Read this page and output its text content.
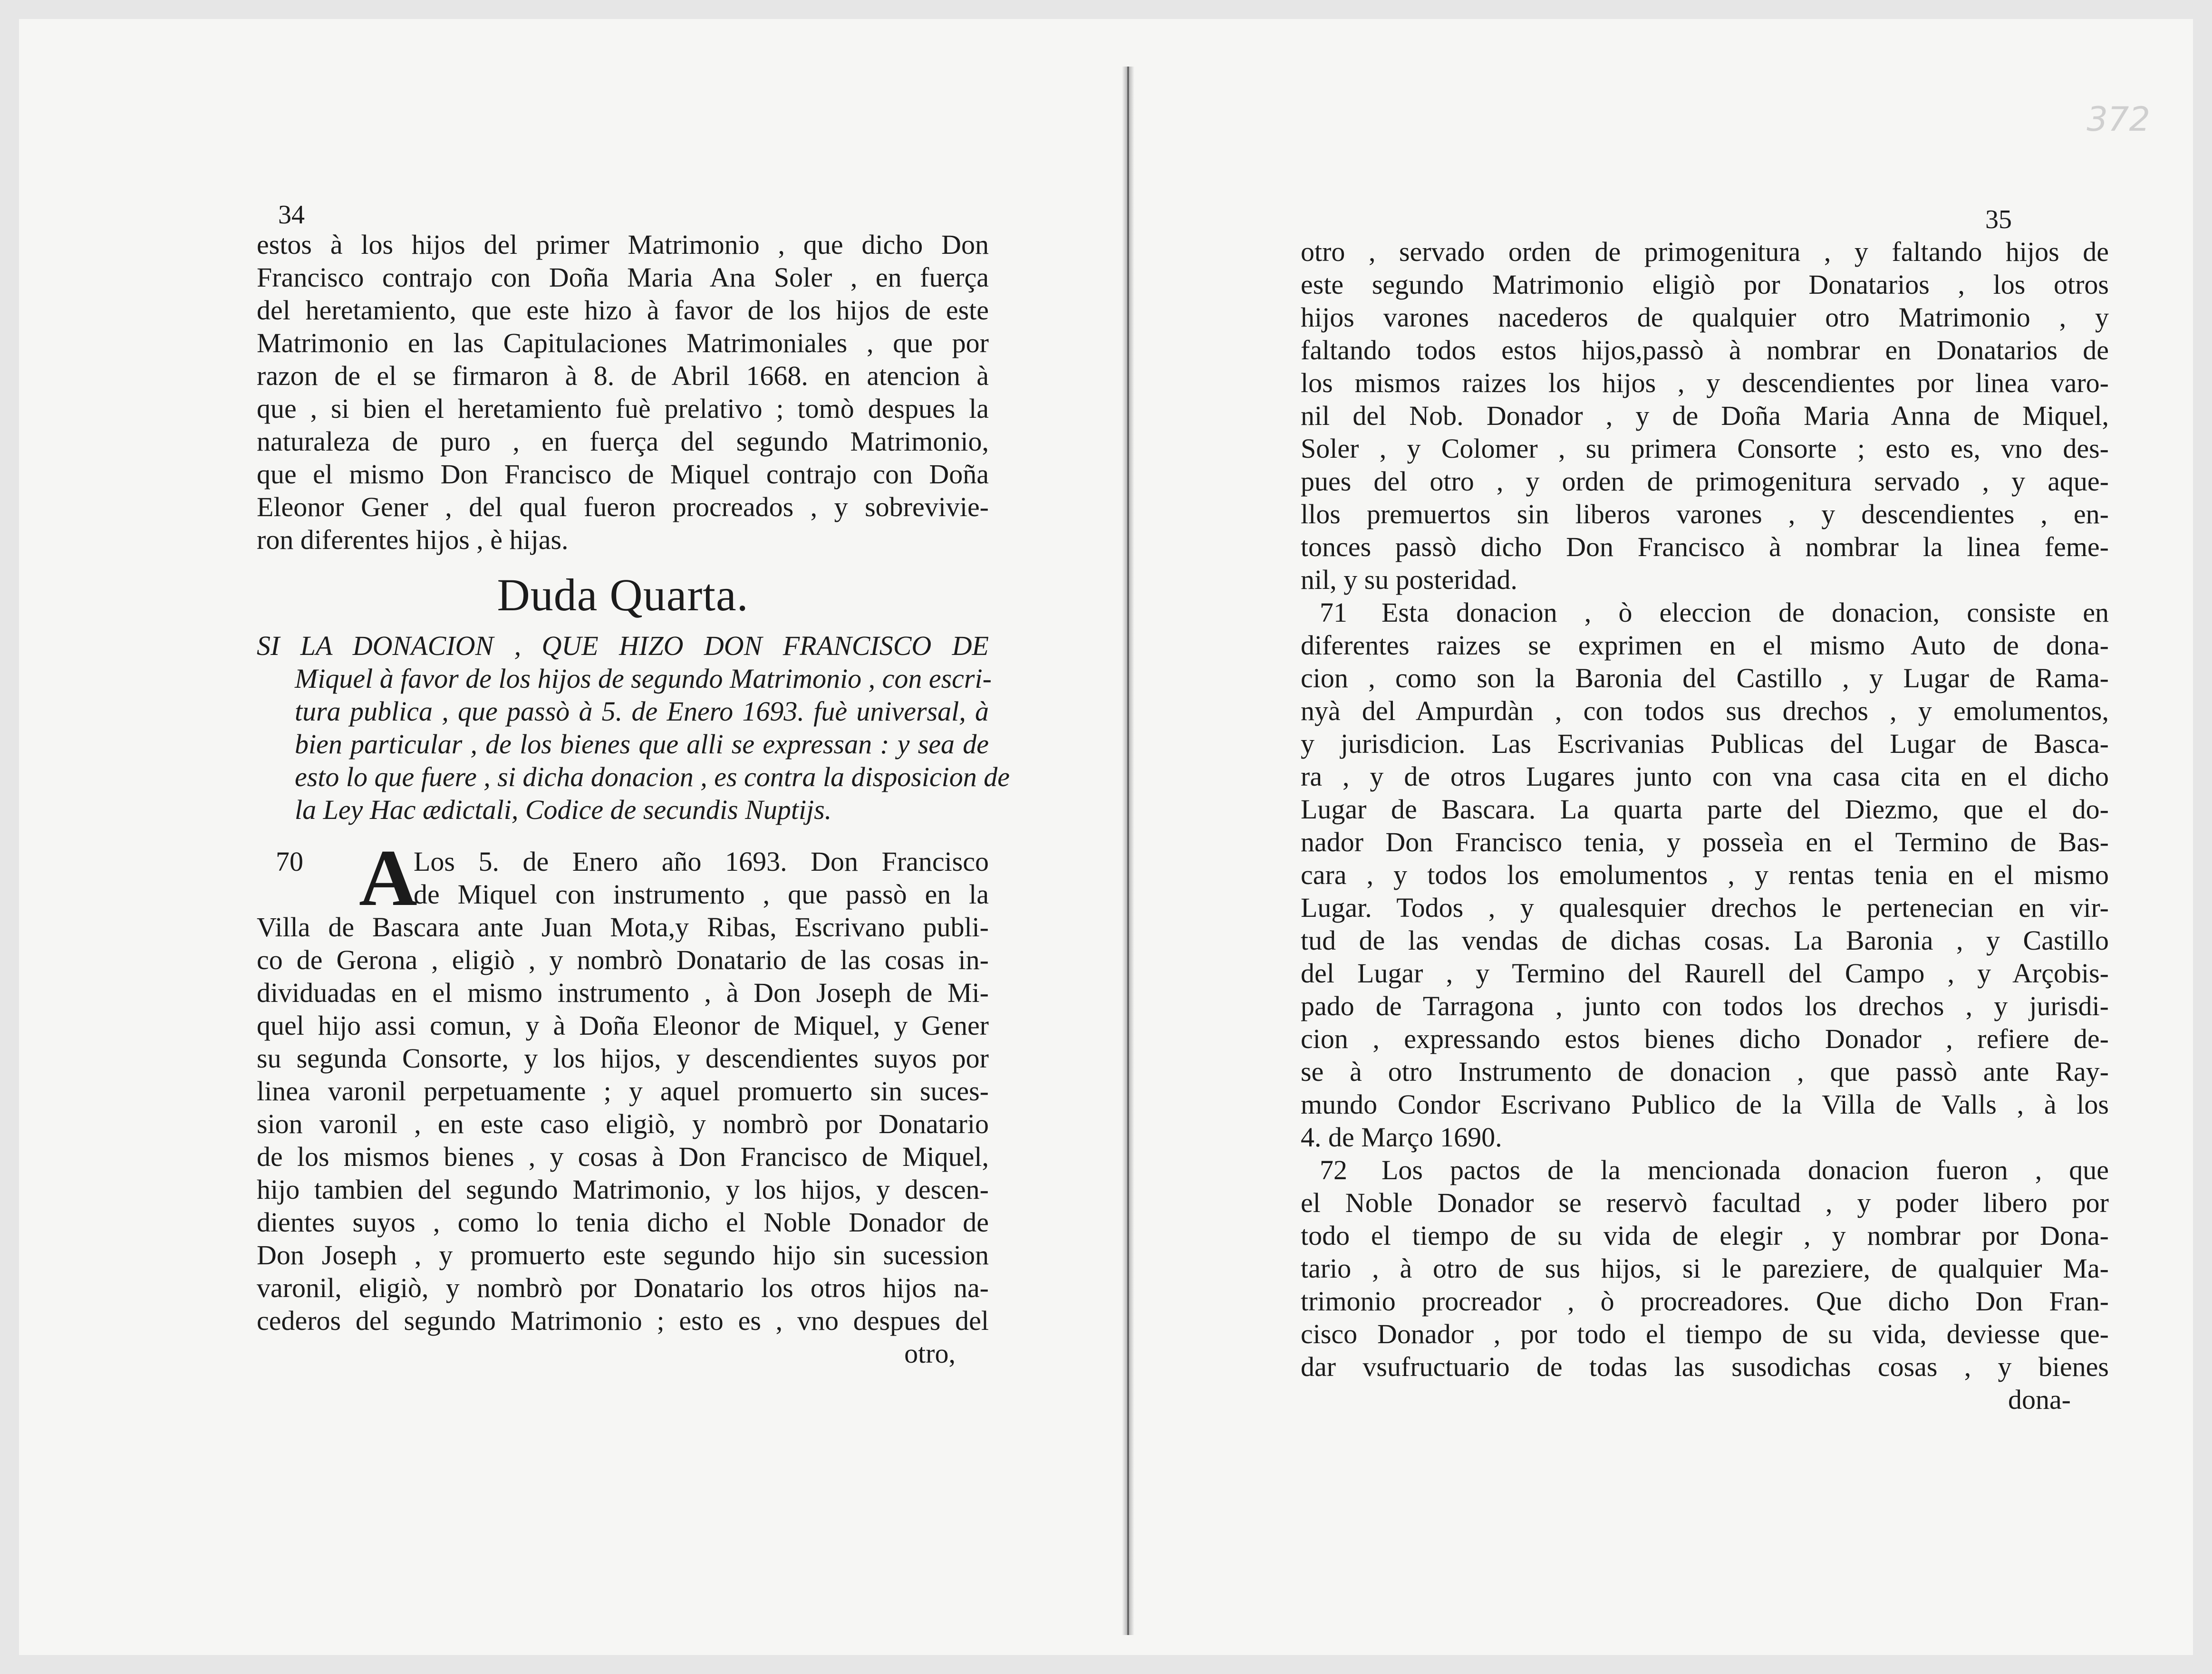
34
estos à los hijos del primer Matrimonio , que dicho Don
Francisco contrajo con Doña Maria Ana Soler , en fuerça
del heretamiento, que este hizo à favor de los hijos de este
Matrimonio en las Capitulaciones Matrimoniales , que por
razon de el se firmaron à 8. de Abril 1668. en atencion à
que , si bien el heretamiento fuè prelativo ; tomò despues la
naturaleza de puro , en fuerça del segundo Matrimonio,
que el mismo Don Francisco de Miquel contrajo con Doña
Eleonor Gener , del qual fueron procreados , y sobrevivie-
ron diferentes hijos , è hijas.
Duda Quarta.
SI LA DONACION , QUE HIZO DON FRANCISCO DE
Miquel à favor de los hijos de segundo Matrimonio , con escri-
tura publica , que passò à 5. de Enero 1693. fuè universal, à
bien particular , de los bienes que alli se expressan : y sea de
esto lo que fuere , si dicha donacion , es contra la disposicion de
la Ley Hac ædictali, Codice de secundis Nuptijs.
A
70	Los 5. de Enero año 1693. Don Francisco
de Miquel con instrumento , que passò en la
Villa de Bascara ante Juan Mota,y Ribas, Escrivano publi-
co de Gerona , eligiò , y nombrò Donatario de las cosas in-
dividuadas en el mismo instrumento , à Don Joseph de Mi-
quel hijo assi comun, y à Doña Eleonor de Miquel, y Gener
su segunda Consorte, y los hijos, y descendientes suyos por
linea varonil perpetuamente ; y aquel promuerto sin suces-
sion varonil , en este caso eligiò, y nombrò por Donatario
de los mismos bienes , y cosas à Don Francisco de Miquel,
hijo tambien del segundo Matrimonio, y los hijos, y descen-
dientes suyos , como lo tenia dicho el Noble Donador de
Don Joseph , y promuerto este segundo hijo sin sucession
varonil, eligiò, y nombrò por Donatario los otros hijos na-
cederos del segundo Matrimonio ; esto es , vno despues del
otro,
372
35
otro , servado orden de primogenitura , y faltando hijos de
este segundo Matrimonio eligiò por Donatarios , los otros
hijos varones nacederos de qualquier otro Matrimonio , y
faltando todos estos hijos,passò à nombrar en Donatarios de
los mismos raizes los hijos , y descendientes por linea varo-
nil del Nob. Donador , y de Doña Maria Anna de Miquel,
Soler , y Colomer , su primera Consorte ; esto es, vno des-
pues del otro , y orden de primogenitura servado , y aque-
llos premuertos sin liberos varones , y descendientes , en-
tonces passò dicho Don Francisco à nombrar la linea feme-
nil, y su posteridad.
71	Esta donacion , ò eleccion de donacion, consiste en
diferentes raizes se exprimen en el mismo Auto de dona-
cion , como son la Baronia del Castillo , y Lugar de Rama-
nyà del Ampurdàn , con todos sus drechos , y emolumentos,
y jurisdicion. Las Escrivanias Publicas del Lugar de Basca-
ra , y de otros Lugares junto con vna casa cita en el dicho
Lugar de Bascara. La quarta parte del Diezmo, que el do-
nador Don Francisco tenia, y posseìa en el Termino de Bas-
cara , y todos los emolumentos , y rentas tenia en el mismo
Lugar. Todos , y qualesquier drechos le pertenecian en vir-
tud de las vendas de dichas cosas. La Baronia , y Castillo
del Lugar , y Termino del Raurell del Campo , y Arçobis-
pado de Tarragona , junto con todos los drechos , y jurisdi-
cion , expressando estos bienes dicho Donador , refiere de-
se à otro Instrumento de donacion , que passò ante Ray-
mundo Condor Escrivano Publico de la Villa de Valls , à los
4. de Março 1690.
72	Los pactos de la mencionada donacion fueron , que
el Noble Donador se reservò facultad , y poder libero por
todo el tiempo de su vida de elegir , y nombrar por Dona-
tario , à otro de sus hijos, si le pareziere, de qualquier Ma-
trimonio procreador , ò procreadores. Que dicho Don Fran-
cisco Donador , por todo el tiempo de su vida, deviesse que-
dar vsufructuario de todas las susodichas cosas , y bienes
dona-
